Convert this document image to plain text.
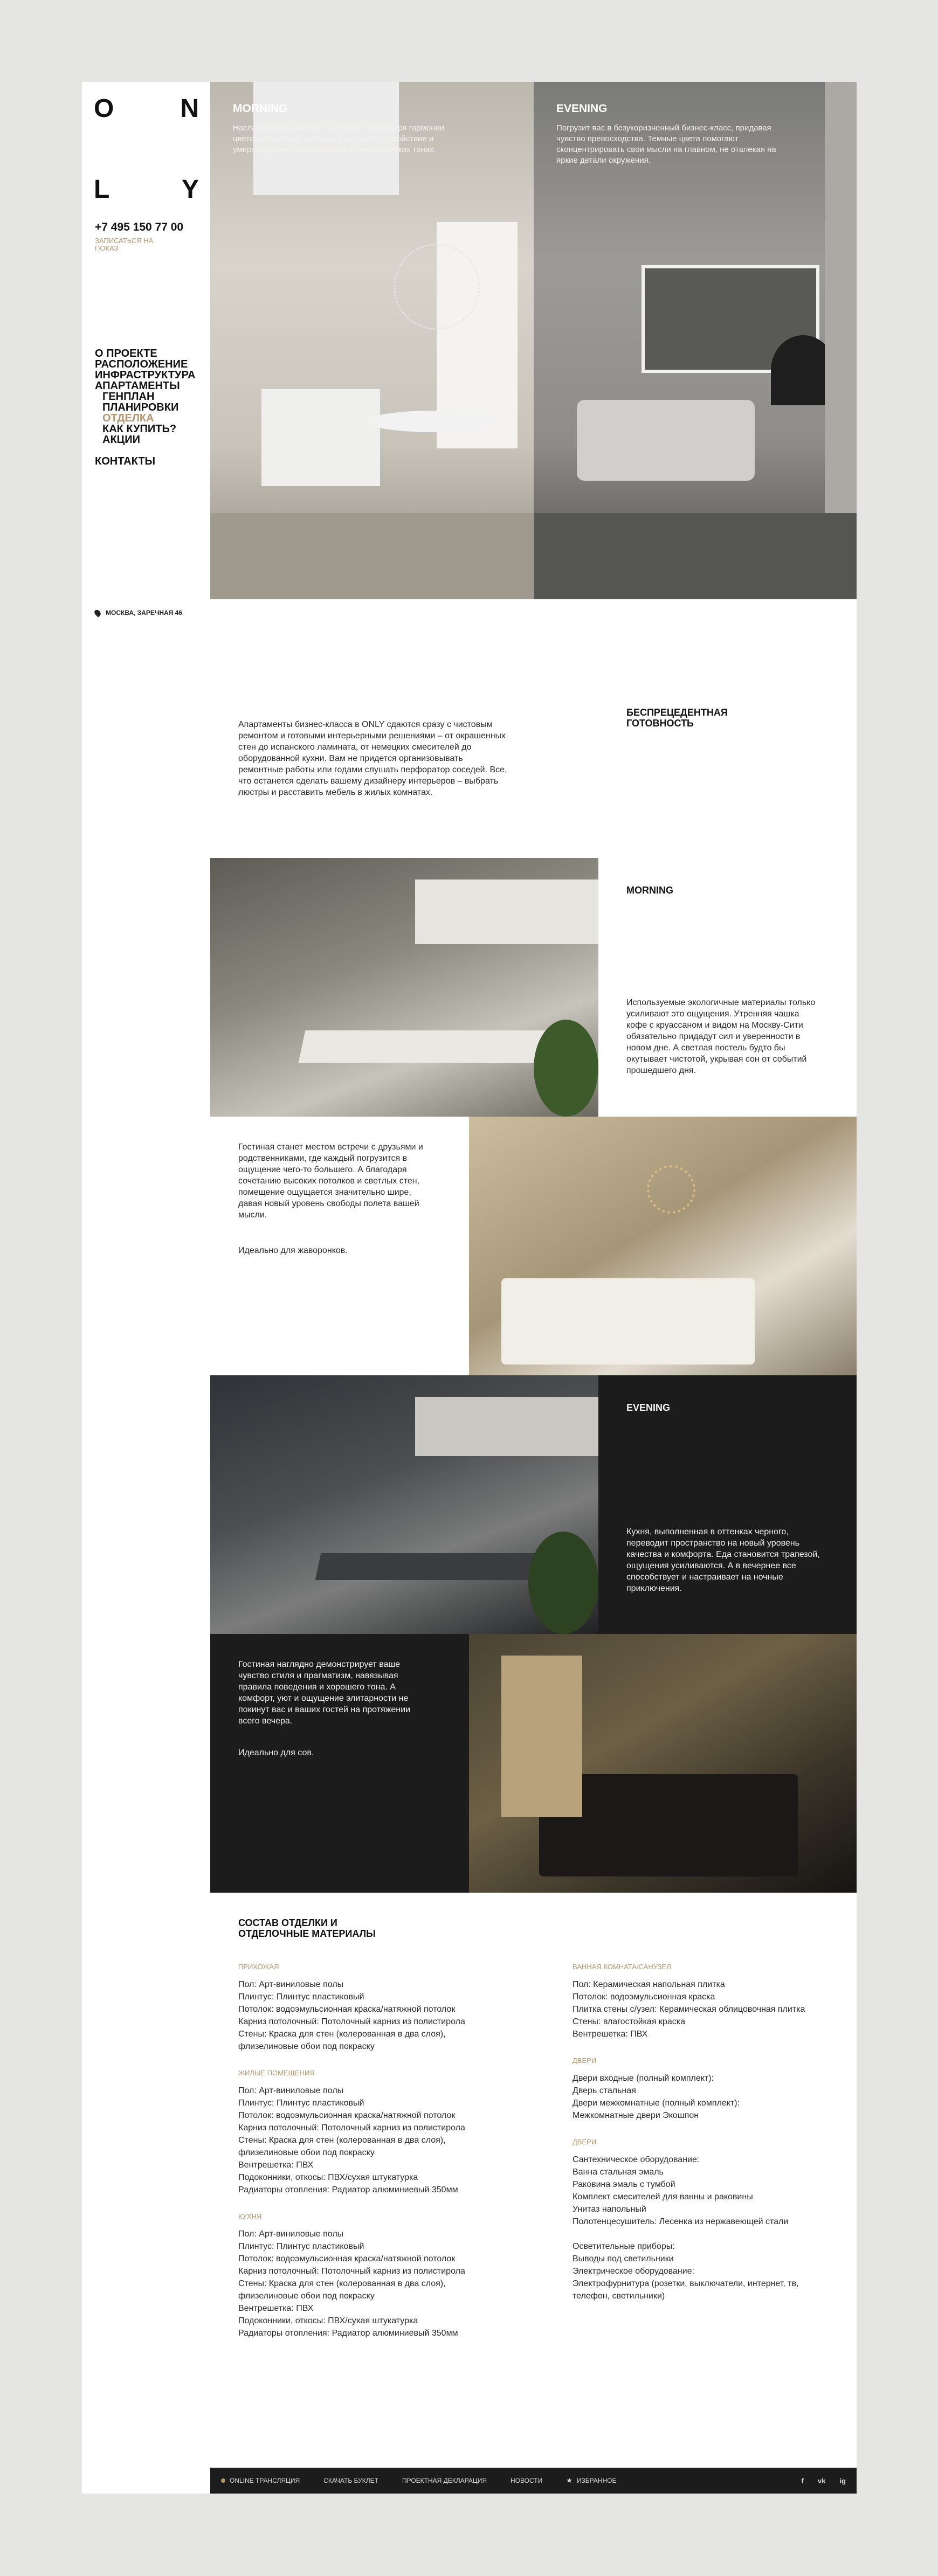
O	N
L	Y
+7 495 150 77 00
ЗАПИСАТЬСЯ НА ПОКАЗ
О ПРОЕКТЕ
РАСПОЛОЖЕНИЕ
ИНФРАСТРУКТУРА
АПАРТАМЕНТЫ
ГЕНПЛАН
ПЛАНИРОВКИ
ОТДЕЛКА
КАК КУПИТЬ?
АКЦИИ
КОНТАКТЫ
МОСКВА, ЗАРЕЧНАЯ 46
MORNING
Наслаждайтесь светом и чистотой. Благодаря гармонии цветовой палитры вы будете ощущать спокойствие и умиротворение, расслабляясь в теплых мягких тонах.
EVENING
Погрузит вас в безукоризненный бизнес-класс, придавая чувство превосходства. Темные цвета помогают сконцентрировать свои мысли на главном, не отвлекая на яркие детали окружения.
БЕСПРЕЦЕДЕНТНАЯ ГОТОВНОСТЬ
Апартаменты бизнес-класса в ONLY сдаются сразу с чистовым ремонтом и готовыми интерьерными решениями – от окрашенных стен до испанского ламината, от немецких смесителей до оборудованной кухни. Вам не придется организовывать ремонтные работы или годами слушать перфоратор соседей. Все, что останется сделать вашему дизайнеру интерьеров – выбрать люстры и расставить мебель в жилых комнатах.
MORNING
Используемые экологичные материалы только усиливают это ощущения. Утренняя чашка кофе с круассаном и видом на Москву-Сити обязательно придадут сил и уверенности в новом дне. А светлая постель будто бы окутывает чистотой, укрывая сон от событий прошедшего дня.
Гостиная станет местом встречи с друзьями и родственниками, где каждый погрузится в ощущение чего-то большего. А благодаря сочетанию высоких потолков и светлых стен, помещение ощущается значительно шире, давая новый уровень свободы полета вашей мысли.
Идеально для жаворонков.
EVENING
Кухня, выполненная в оттенках черного, переводит пространство на новый уровень качества и комфорта. Еда становится трапезой, ощущения усиливаются. А в вечернее все способствует и настраивает на ночные приключения.
Гостиная наглядно демонстрирует ваше чувство стиля и прагматизм, навязывая правила поведения и хорошего тона. А комфорт, уют и ощущение элитарности не покинут вас и ваших гостей на протяжении всего вечера.
Идеально для сов.
СОСТАВ ОТДЕЛКИ И ОТДЕЛОЧНЫЕ МАТЕРИАЛЫ
ПРИХОЖАЯ
Пол: Арт-виниловые полы
Плинтус: Плинтус пластиковый
Потолок: водоэмульсионная краска/натяжной потолок
Карниз потолочный: Потолочный карниз из полистирола
Стены: Краска для стен (колерованная в два слоя),
флизелиновые обои под покраску
ЖИЛЫЕ ПОМЕЩЕНИЯ
Пол: Арт-виниловые полы
Плинтус: Плинтус пластиковый
Потолок: водоэмульсионная краска/натяжной потолок
Карниз потолочный: Потолочный карниз из полистирола
Стены: Краска для стен (колерованная в два слоя),
флизелиновые обои под покраску
Вентрешетка: ПВХ
Подоконники, откосы: ПВХ/сухая штукатурка
Радиаторы отопления: Радиатор алюминиевый 350мм
КУХНЯ
Пол: Арт-виниловые полы
Плинтус: Плинтус пластиковый
Потолок: водоэмульсионная краска/натяжной потолок
Карниз потолочный: Потолочный карниз из полистирола
Стены: Краска для стен (колерованная в два слоя),
флизелиновые обои под покраску
Вентрешетка: ПВХ
Подоконники, откосы: ПВХ/сухая штукатурка
Радиаторы отопления: Радиатор алюминиевый 350мм
ВАННАЯ КОМНАТА/САНУЗЕЛ
Пол: Керамическая напольная плитка
Потолок: водоэмульсионная краска
Плитка стены с/узел: Керамическая облицовочная плитка
Стены: влагостойкая краска
Вентрешетка: ПВХ
ДВЕРИ
Двери входные (полный комплект):
Дверь стальная
Двери межкомнатные (полный комплект):
Межкомнатные двери Экошпон
ДВЕРИ
Сантехническое оборудование:
Ванна стальная эмаль
Раковина эмаль с тумбой
Комплект смесителей для ванны и раковины
Унитаз напольный
Полотенцесушитель: Лесенка из нержавеющей стали
Осветительные приборы:
Выводы под светильники
Электрическое оборудование:
Электрофурнитура (розетки, выключатели, интернет, тв,
телефон, светильники)
ONLINE ТРАНСЛЯЦИЯ	СКАЧАТЬ БУКЛЕТ	ПРОЕКТНАЯ ДЕКЛАРАЦИЯ	НОВОСТИ	★ ИЗБРАННОЕ	f vk ig
